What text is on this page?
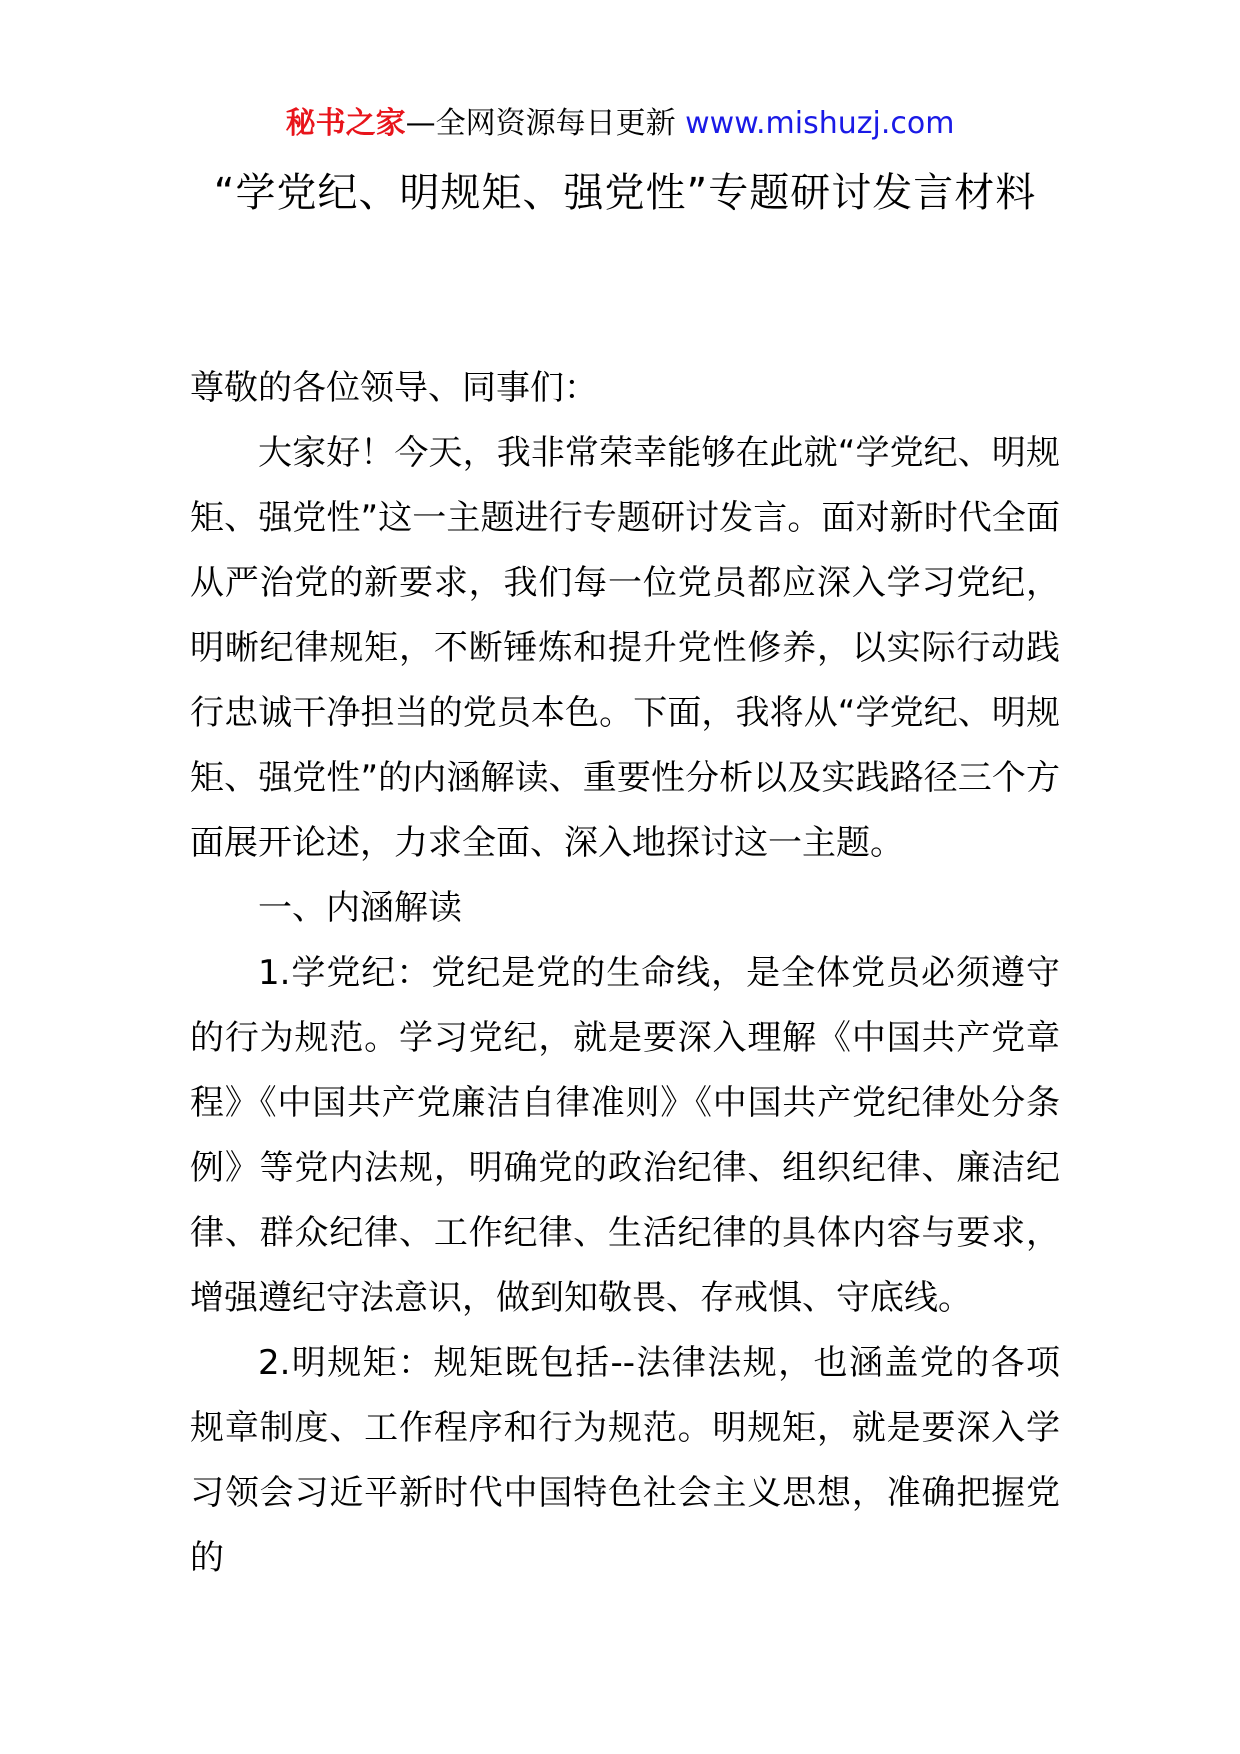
秘书之家—全网资源每日更新 www.mishuzj.com
“学党纪、明规矩、强党性”专题研讨发言材料

尊敬的各位领导、同事们：

大家好！今天，我非常荣幸能够在此就“学党纪、明规矩、强党性”这一主题进行专题研讨发言。面对新时代全面从严治党的新要求，我们每一位党员都应深入学习党纪，明晰纪律规矩，不断锤炼和提升党性修养，以实际行动践行忠诚干净担当的党员本色。下面，我将从“学党纪、明规矩、强党性”的内涵解读、重要性分析以及实践路径三个方面展开论述，力求全面、深入地探讨这一主题。

一、内涵解读

1.学党纪：党纪是党的生命线，是全体党员必须遵守的行为规范。学习党纪，就是要深入理解《中国共产党章程》《中国共产党廉洁自律准则》《中国共产党纪律处分条例》等党内法规，明确党的政治纪律、组织纪律、廉洁纪律、群众纪律、工作纪律、生活纪律的具体内容与要求，增强遵纪守法意识，做到知敬畏、存戒惧、守底线。

2.明规矩：规矩既包括--法律法规，也涵盖党的各项规章制度、工作程序和行为规范。明规矩，就是要深入学习领会习近平新时代中国特色社会主义思想，准确把握党的
